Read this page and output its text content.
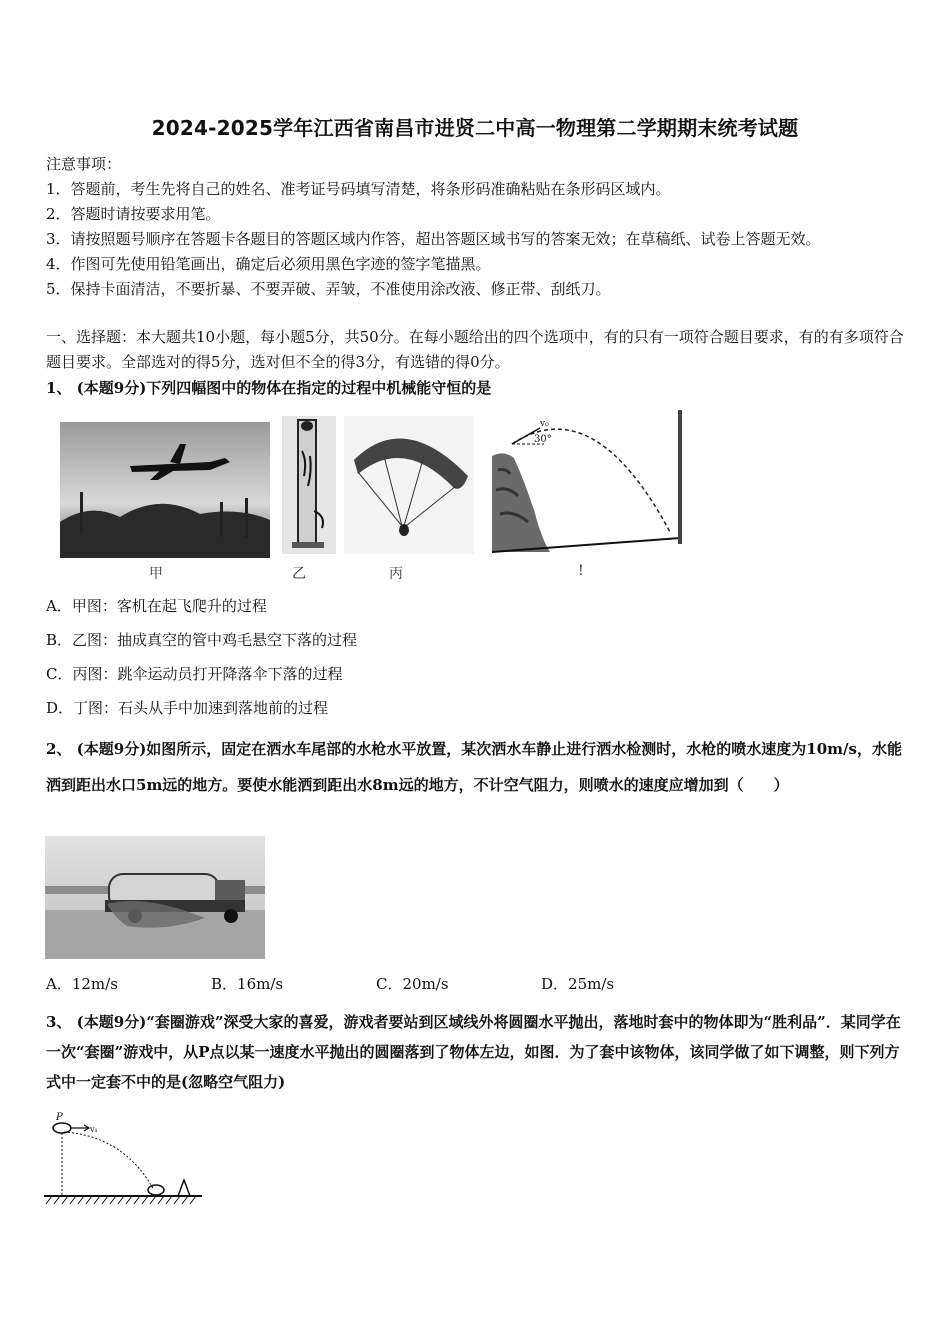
2024-2025学年江西省南昌市进贤二中高一物理第二学期期末统考试题
注意事项：
1．答题前，考生先将自己的姓名、准考证号码填写清楚，将条形码准确粘贴在条形码区域内。
2．答题时请按要求用笔。
3．请按照题号顺序在答题卡各题目的答题区域内作答，超出答题区域书写的答案无效；在草稿纸、试卷上答题无效。
4．作图可先使用铅笔画出，确定后必须用黑色字迹的签字笔描黑。
5．保持卡面清洁，不要折暴、不要弄破、弄皱，不准使用涂改液、修正带、刮纸刀。
一、选择题：本大题共10小题，每小题5分，共50分。在每小题给出的四个选项中，有的只有一项符合题目要求，有的有多项符合题目要求。全部选对的得5分，选对但不全的得3分，有选错的得0分。
1、 (本题9分)下列四幅图中的物体在指定的过程中机械能守恒的是
30°
v₀
甲	乙	丙	!
A．甲图：客机在起飞爬升的过程
B．乙图：抽成真空的管中鸡毛悬空下落的过程
C．丙图：跳伞运动员打开降落伞下落的过程
D．丁图：石头从手中加速到落地前的过程
2、 (本题9分)如图所示，固定在洒水车尾部的水枪水平放置，某次洒水车静止进行洒水检测时，水枪的喷水速度为10m/s，水能洒到距出水口5m远的地方。要使水能洒到距出水8m远的地方，不计空气阻力，则喷水的速度应增加到（　　）
A．12m/s	B．16m/s	C．20m/s	D．25m/s
3、 (本题9分)“套圈游戏”深受大家的喜爱，游戏者要站到区域线外将圆圈水平抛出，落地时套中的物体即为“胜利品”．某同学在一次“套圈”游戏中，从P点以某一速度水平抛出的圆圈落到了物体左边，如图．为了套中该物体，该同学做了如下调整，则下列方式中一定套不中的是(忽略空气阻力)
P
v₁
